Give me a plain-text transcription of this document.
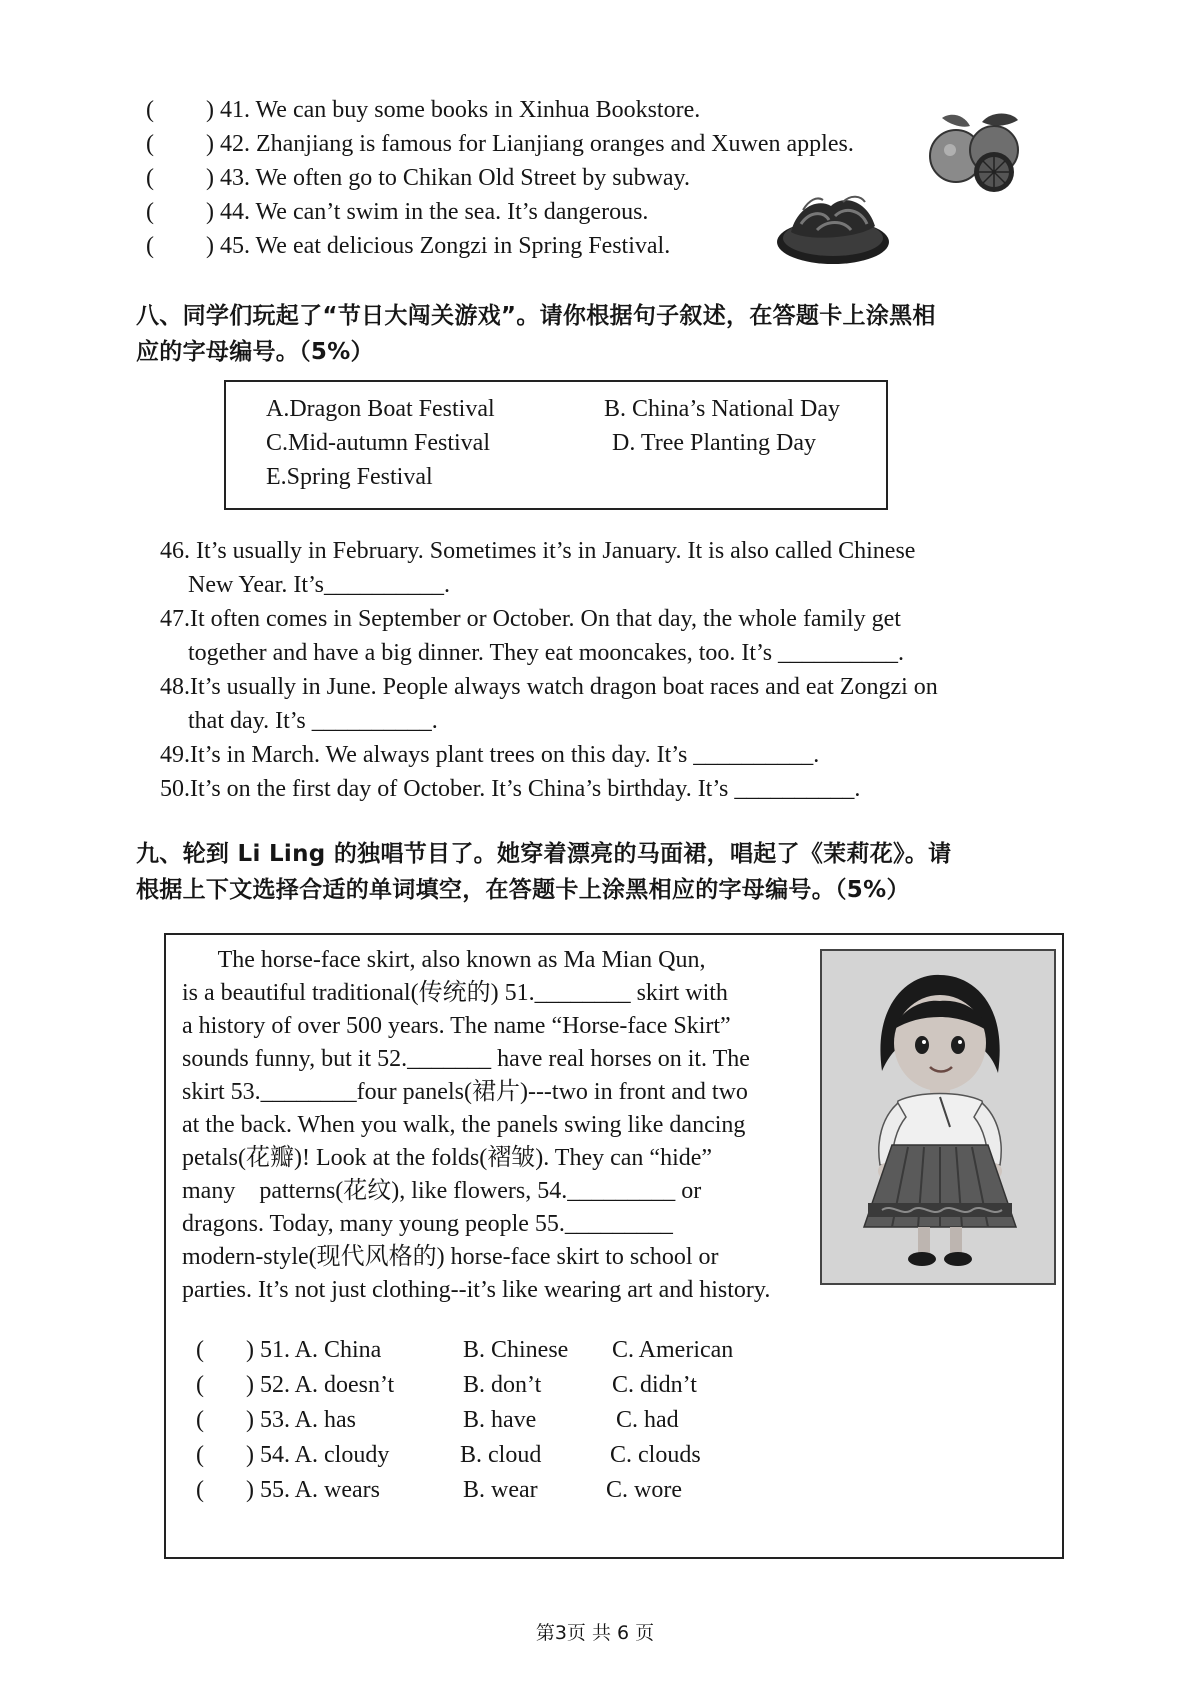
( ) 41. We can buy some books in Xinhua Bookstore.
( ) 42. Zhanjiang is famous for Lianjiang oranges and Xuwen apples.
( ) 43. We often go to Chikan Old Street by subway.
( ) 44. We can’t swim in the sea. It’s dangerous.
( ) 45. We eat delicious Zongzi in Spring Festival.
八、同学们玩起了“节日大闯关游戏”。请你根据句子叙述，在答题卡上涂黑相
应的字母编号。（5%）
A.Dragon Boat Festival	B. China’s National Day
C.Mid-autumn Festival	D. Tree Planting Day
E.Spring Festival
46. It’s usually in February. Sometimes it’s in January. It is also called Chinese
New Year. It’s__________.
47.It often comes in September or October. On that day, the whole family get
together and have a big dinner. They eat mooncakes, too. It’s __________.
48.It’s usually in June. People always watch dragon boat races and eat Zongzi on
that day. It’s __________.
49.It’s in March. We always plant trees on this day. It’s __________.
50.It’s on the first day of October. It’s China’s birthday. It’s __________.
九、轮到 Li Ling 的独唱节目了。她穿着漂亮的马面裙，唱起了《茉莉花》。请
根据上下文选择合适的单词填空，在答题卡上涂黑相应的字母编号。（5%）
The horse-face skirt, also known as Ma Mian Qun,
is a beautiful traditional(传统的) 51.________ skirt with
a history of over 500 years. The name “Horse-face Skirt”
sounds funny, but it 52._______ have real horses on it. The
skirt 53.________four panels(裙片)---two in front and two
at the back. When you walk, the panels swing like dancing
petals(花瓣)! Look at the folds(褶皱). They can “hide”
many    patterns(花纹), like flowers, 54._________ or
dragons. Today, many young people 55._________
modern-style(现代风格的) horse-face skirt to school or
parties. It’s not just clothing--it’s like wearing art and history.
( ) 51. A. China	B. Chinese C. American
( ) 52. A. doesn’t	B. don’t	C. didn’t
( ) 53. A. has	B. have	C. had
( ) 54. A. cloudy	B. cloud	C. clouds
( ) 55. A. wears	B. wear	C. wore
第3页 共 6 页
